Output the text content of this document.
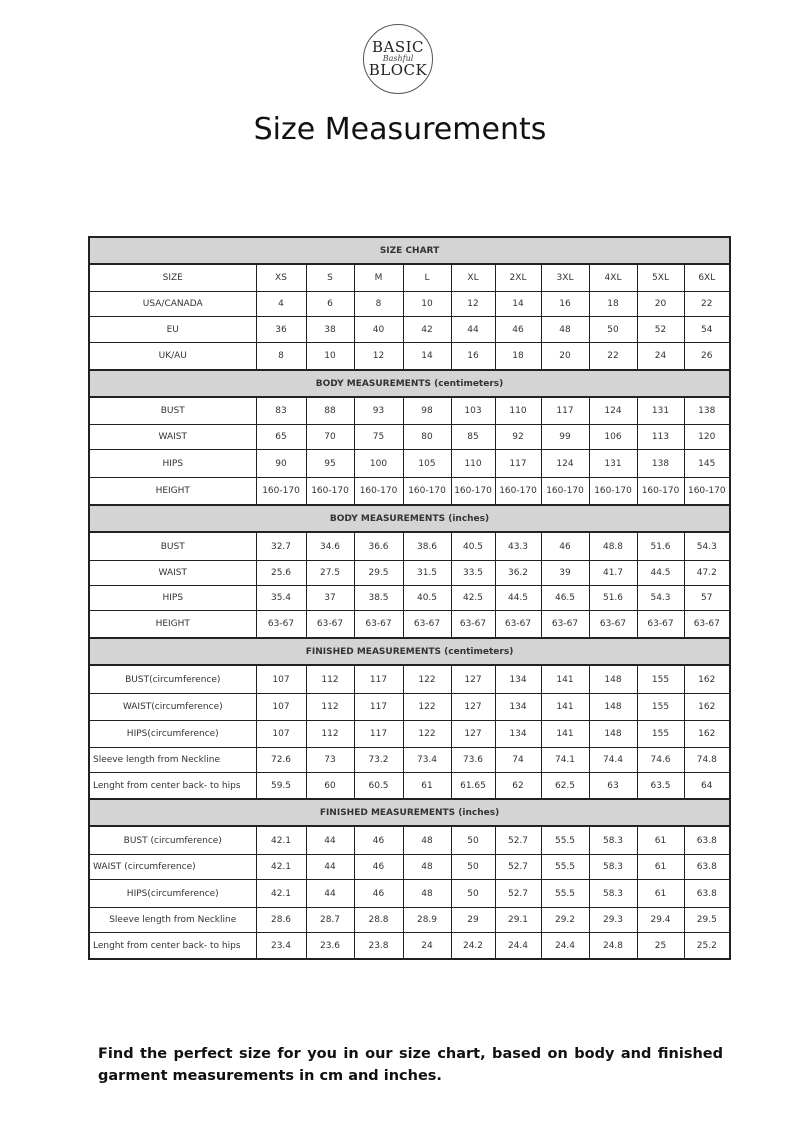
BASIC
Bashful
BLOCK
Size Measurements
SIZE CHART										
SIZE	XS	S	M	L	XL	2XL	3XL	4XL	5XL	6XL
USA/CANADA	4	6	8	10	12	14	16	18	20	22
EU	36	38	40	42	44	46	48	50	52	54
UK/AU	8	10	12	14	16	18	20	22	24	26
BODY MEASUREMENTS (centimeters)										
BUST	83	88	93	98	103	110	117	124	131	138
WAIST	65	70	75	80	85	92	99	106	113	120
HIPS	90	95	100	105	110	117	124	131	138	145
HEIGHT	160-170	160-170	160-170	160-170	160-170	160-170	160-170	160-170	160-170	160-170
BODY MEASUREMENTS (inches)										
BUST	32.7	34.6	36.6	38.6	40.5	43.3	46	48.8	51.6	54.3
WAIST	25.6	27.5	29.5	31.5	33.5	36.2	39	41.7	44.5	47.2
HIPS	35.4	37	38.5	40.5	42.5	44.5	46.5	51.6	54.3	57
HEIGHT	63-67	63-67	63-67	63-67	63-67	63-67	63-67	63-67	63-67	63-67
FINISHED MEASUREMENTS (centimeters)										
BUST(circumference)	107	112	117	122	127	134	141	148	155	162
WAIST(circumference)	107	112	117	122	127	134	141	148	155	162
HIPS(circumference)	107	112	117	122	127	134	141	148	155	162
Sleeve length from Neckline	72.6	73	73.2	73.4	73.6	74	74.1	74.4	74.6	74.8
Lenght from center back- to hips	59.5	60	60.5	61	61.65	62	62.5	63	63.5	64
FINISHED MEASUREMENTS (inches)										
BUST (circumference)	42.1	44	46	48	50	52.7	55.5	58.3	61	63.8
WAIST (circumference)	42.1	44	46	48	50	52.7	55.5	58.3	61	63.8
HIPS(circumference)	42.1	44	46	48	50	52.7	55.5	58.3	61	63.8
Sleeve length from Neckline	28.6	28.7	28.8	28.9	29	29.1	29.2	29.3	29.4	29.5
Lenght from center back- to hips	23.4	23.6	23.8	24	24.2	24.4	24.4	24.8	25	25.2

Find the perfect size for you in our size chart, based on body and finished garment measurements in cm and inches.
